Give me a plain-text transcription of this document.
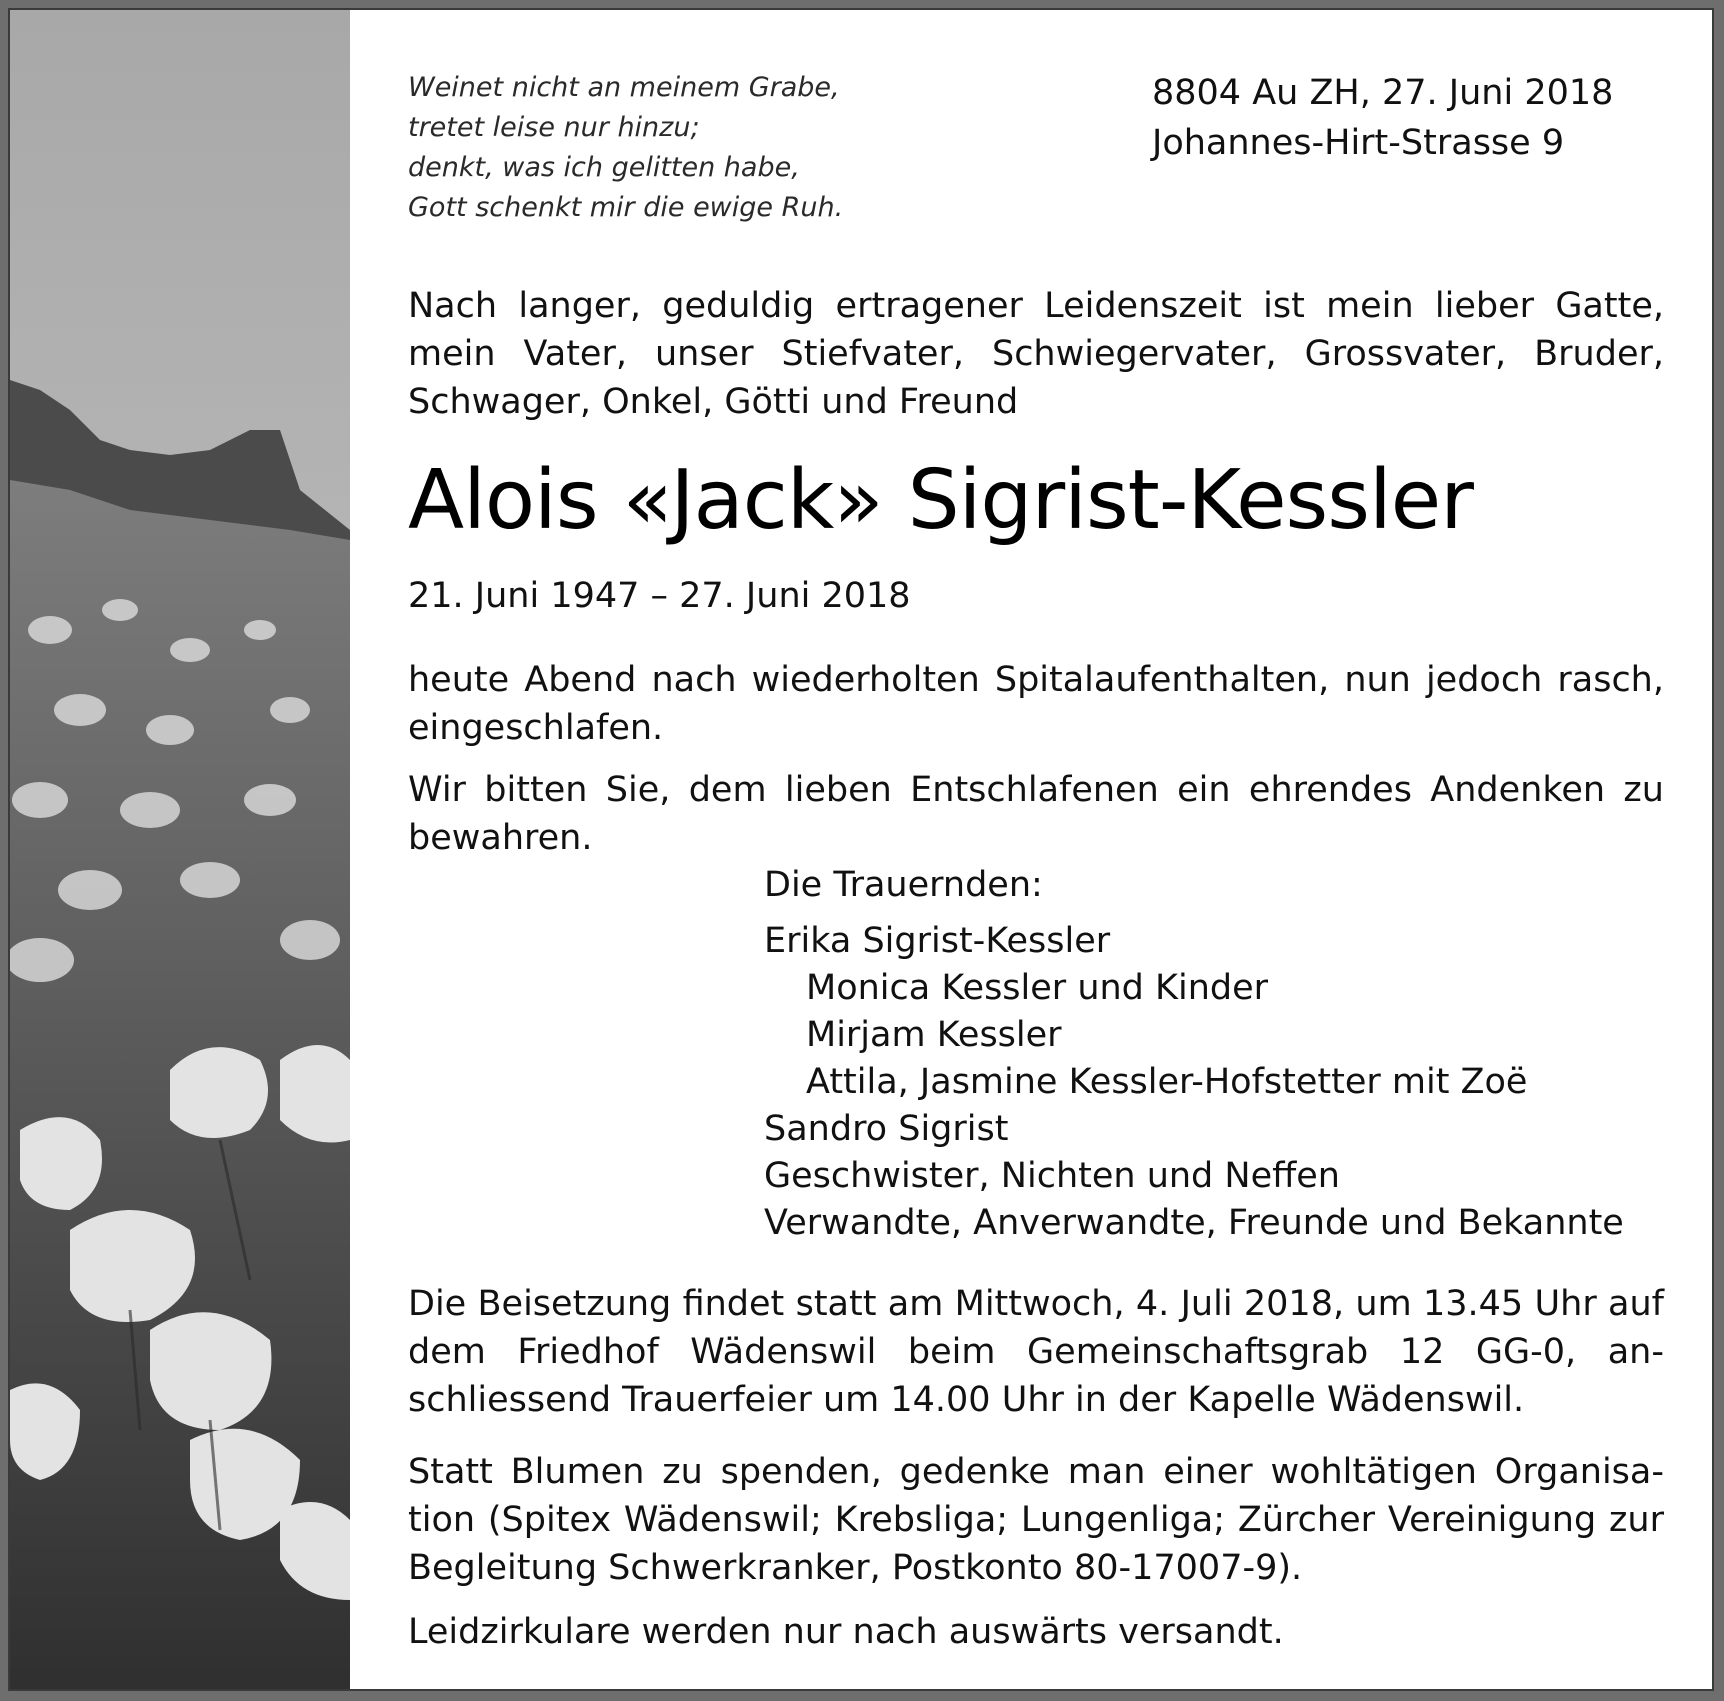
Weinet nicht an meinem Grabe,
tretet leise nur hinzu;
denkt, was ich gelitten habe,
Gott schenkt mir die ewige Ruh.
8804 Au ZH, 27. Juni 2018
Johannes-Hirt-Strasse 9
Nach langer, geduldig ertragener Leidenszeit ist mein lieber Gatte, mein Vater, unser Stiefvater, Schwiegervater, Grossvater, Bruder, Schwager, Onkel, Götti und Freund
Alois «Jack» Sigrist-Kessler
21. Juni 1947 – 27. Juni 2018
heute Abend nach wiederholten Spitalaufenthalten, nun jedoch rasch, eingeschlafen.
Wir bitten Sie, dem lieben Entschlafenen ein ehrendes Andenken zu bewahren.
Die Trauernden:
Erika Sigrist-Kessler
Monica Kessler und Kinder
Mirjam Kessler
Attila, Jasmine Kessler-Hofstetter mit Zoë
Sandro Sigrist
Geschwister, Nichten und Neffen
Verwandte, Anverwandte, Freunde und Bekannte
Die Beisetzung findet statt am Mittwoch, 4. Juli 2018, um 13.45 Uhr auf dem Friedhof Wädenswil beim Gemeinschaftsgrab 12 GG-0, anschliessend Trauerfeier um 14.00 Uhr in der Kapelle Wädenswil.
Statt Blumen zu spenden, gedenke man einer wohltätigen Organisation (Spitex Wädenswil; Krebsliga; Lungenliga; Zürcher Vereinigung zur Begleitung Schwerkranker, Postkonto 80-17007-9).
Leidzirkulare werden nur nach auswärts versandt.
